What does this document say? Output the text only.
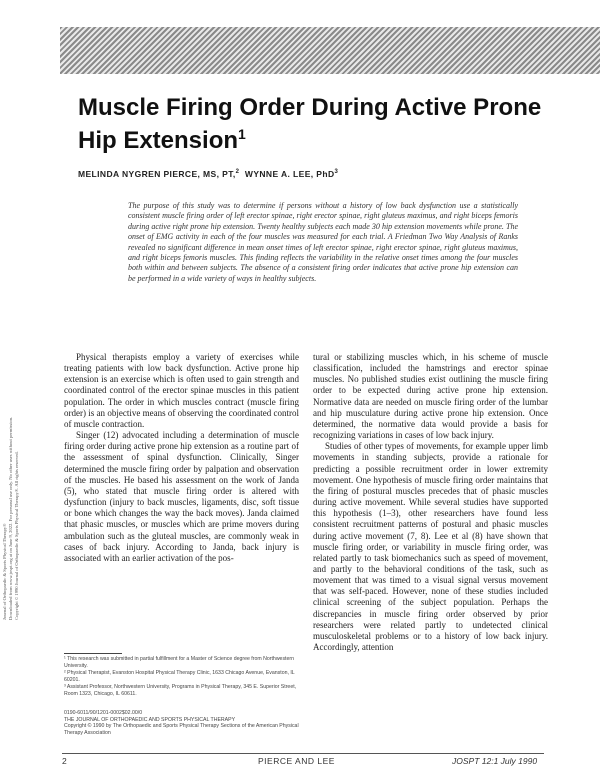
Muscle Firing Order During Active Prone Hip Extension$^1$
MELINDA NYGREN PIERCE, MS, PT,$^2$ WYNNE A. LEE, PhD$^3$
The purpose of this study was to determine if persons without a history of low back dysfunction use a statistically consistent muscle firing order of left erector spinae, right erector spinae, right gluteus maximus, and right biceps femoris during active right prone hip extension. Twenty healthy subjects each made 30 hip extension movements while prone. The onset of EMG activity in each of the four muscles was measured for each trial. A Friedman Two Way Analysis of Ranks revealed no significant difference in mean onset times of left erector spinae, right erector spinae, right gluteus maximus, and right biceps femoris muscles. This finding reflects the variability in the relative onset times among the four muscles both within and between subjects. The absence of a consistent firing order indicates that active prone hip extension can be performed in a wide variety of ways in healthy subjects.
Journal of Orthopaedic & Sports Physical Therapy®
Downloaded from www.jospt.org at on June 9, 2022. For personal use only. No other uses without permission.
Copyright © 1990 Journal of Orthopaedic & Sports Physical Therapy®. All rights reserved.

Physical therapists employ a variety of exercises while treating patients with low back dysfunction. Active prone hip extension is an exercise which is often used to gain strength and coordinated control of the erector spinae muscles in this patient population. The order in which muscles contract (muscle firing order) is an objective means of observing the coordinated control of muscle contraction.

Singer (12) advocated including a determination of muscle firing order during active prone hip extension as a routine part of the assessment of spinal dysfunction. Clinically, Singer determined the muscle firing order by palpation and observation of the muscles. He based his assessment on the work of Janda (5), who stated that muscle firing order is altered with dysfunction (injury to back muscles, ligaments, disc, soft tissue or bone which changes the way the back moves). Janda claimed that phasic muscles, or muscles which are prime movers during ambulation such as the gluteal muscles, are commonly weak in cases of back injury. According to Janda, back injury is associated with an earlier activation of the pos-

tural or stabilizing muscles which, in his scheme of muscle classification, included the hamstrings and erector spinae muscles. No published studies exist outlining the muscle firing order to be expected during active prone hip extension. Normative data are needed on muscle firing order of the lumbar and hip musculature during active prone hip extension. Once determined, the normative data would provide a basis for recognizing variations in cases of low back injury.

Studies of other types of movements, for example upper limb movements in standing subjects, provide a rationale for predicting a possible recruitment order in lower extremity movement. One hypothesis of muscle firing order maintains that the firing of postural muscles precedes that of phasic muscles during active movement. While several studies have supported this hypothesis (1–3), other researchers have found less consistent recruitment patterns of postural and phasic muscles during active movement (7, 8). Lee et al (8) have shown that muscle firing order, or variability in muscle firing order, was related partly to task biomechanics such as speed of movement, and partly to the behavioral conditions of the task, such as movement that was timed to a visual signal versus movement that was self-paced. However, none of these studies included clinical screening of the subject population. Perhaps the discrepancies in muscle firing order observed by prior researchers were related partly to undetected clinical musculoskeletal problems or to a history of low back injury. Accordingly, attention

¹ This research was submitted in partial fulfillment for a Master of Science degree from Northwestern University.

² Physical Therapist, Evanston Hospital Physical Therapy Clinic, 1633 Chicago Avenue, Evanston, IL 60201.

³ Assistant Professor, Northwestern University, Programs in Physical Therapy, 345 E. Superior Street, Room 1323, Chicago, IL 60611.

0190-6011/90/1201-0002$02.00/0

THE JOURNAL OF ORTHOPAEDIC AND SPORTS PHYSICAL THERAPY

Copyright © 1990 by The Orthopaedic and Sports Physical Therapy Sections of the American Physical Therapy Association

2	PIERCE AND LEE	JOSPT 12:1 July 1990
